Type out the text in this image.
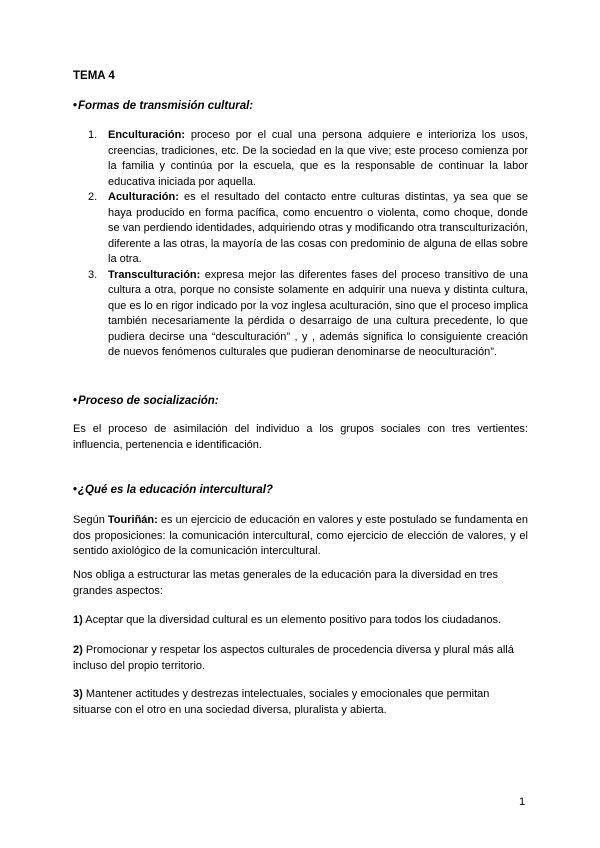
TEMA 4
•Formas de transmisión cultural:
1. Enculturación: proceso por el cual una persona adquiere e interioriza los usos, creencias, tradiciones, etc. De la sociedad en la que vive; este proceso comienza por la familia y continúa por la escuela, que es la responsable de continuar la labor educativa iniciada por aquella.
2. Aculturación: es el resultado del contacto entre culturas distintas, ya sea que se haya producido en forma pacífica, como encuentro o violenta, como choque, donde se van perdiendo identidades, adquiriendo otras y modificando otra transculturización, diferente a las otras, la mayoría de las cosas con predominio de alguna de ellas sobre la otra.
3. Transculturación: expresa mejor las diferentes fases del proceso transitivo de una cultura a otra, porque no consiste solamente en adquirir una nueva y distinta cultura, que es lo en rigor indicado por la voz inglesa aculturación, sino que el proceso implica también necesariamente la pérdida o desarraigo de una cultura precedente, lo que pudiera decirse una “desculturación” , y , además significa lo consiguiente creación de nuevos fenómenos culturales que pudieran denominarse de neoculturación”.
•Proceso de socialización:
Es el proceso de asimilación del individuo a los grupos sociales con tres vertientes: influencia, pertenencia e identificación.
•¿Qué es la educación intercultural?
Según Touriñán: es un ejercicio de educación en valores y este postulado se fundamenta en dos proposiciones: la comunicación intercultural, como ejercicio de elección de valores, y el sentido axiológico de la comunicación intercultural.
Nos obliga a estructurar las metas generales de la educación para la diversidad en tres grandes aspectos:
1) Aceptar que la diversidad cultural es un elemento positivo para todos los ciudadanos.
2) Promocionar y respetar los aspectos culturales de procedencia diversa y plural más allá incluso del propio territorio.
3) Mantener actitudes y destrezas intelectuales, sociales y emocionales que permitan situarse con el otro en una sociedad diversa, pluralista y abierta.
1
